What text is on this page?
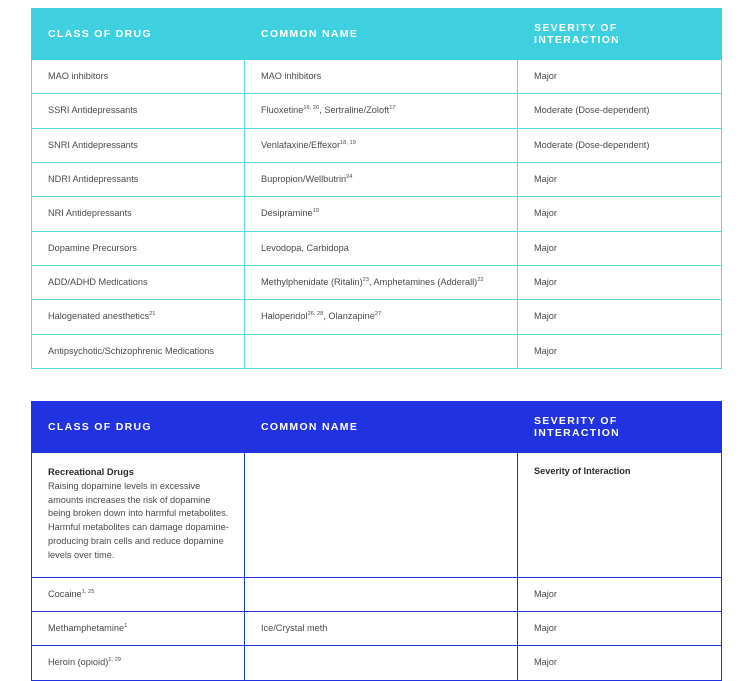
CLASS OF DRUG	COMMON NAME	SEVERITY OF INTERACTION
MAO inhibitors	MAO inhibitors	Major
SSRI Antidepressants	Fluoxetine$^{16, 20}$, Sertraline/Zoloft$^{17}$	Moderate (Dose-dependent)
SNRI Antidepressants	Venlafaxine/Effexor$^{18, 19}$	Moderate (Dose-dependent)
NDRI Antidepressants	Bupropion/Wellbutrin$^{24}$	Major
NRI Antidepressants	Desipramine$^{19}$	Major
Dopamine Precursors	Levodopa, Carbidopa	Major
ADD/ADHD Medications	Methylphenidate (Ritalin)$^{23}$, Amphetamines (Adderall)$^{22}$	Major
Halogenated anesthetics$^{21}$	Haloperidol$^{26, 28}$, Olanzapine$^{27}$	Major
Antipsychotic/Schizophrenic Medications		Major
CLASS OF DRUG	COMMON NAME	SEVERITY OF INTERACTION

Recreational Drugs
Raising dopamine levels in excessive amounts increases the risk of dopamine being broken down into harmful metabolites. Harmful metabolites can damage dopamine-producing brain cells and reduce dopamine levels over time.		Severity of Interaction
Cocaine$^{1, 25}$		Major
Methamphetamine$^1$	Ice/Crystal meth	Major
Heroin (opioid)$^{1, 29}$		Major
